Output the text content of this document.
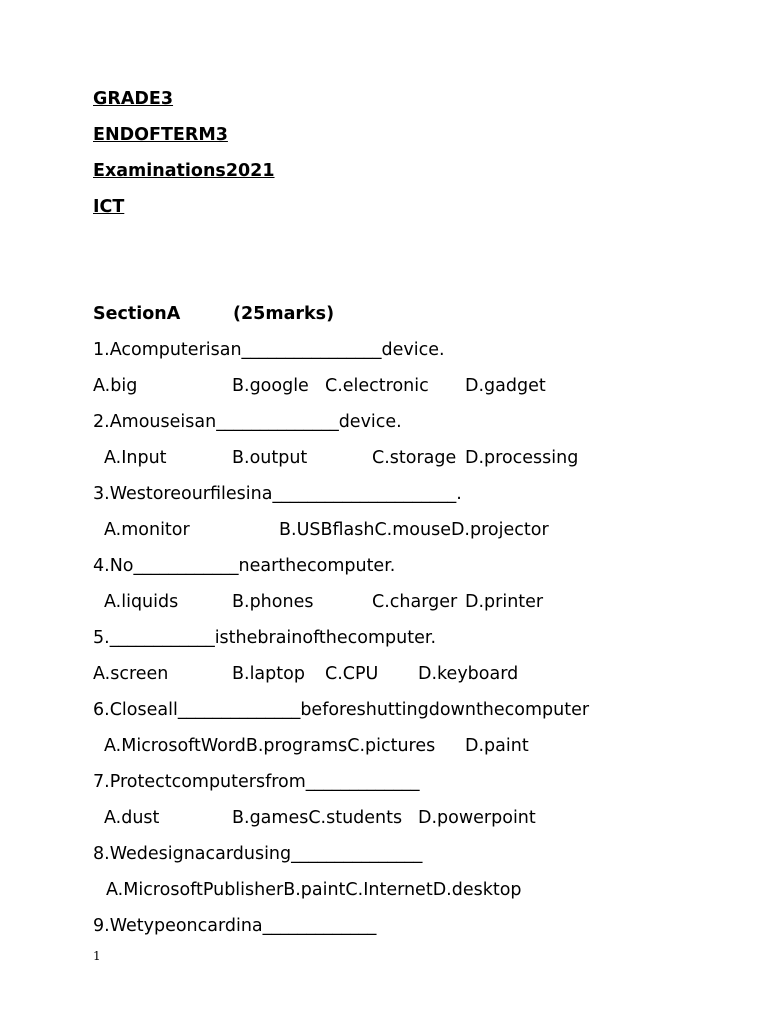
GRADE3
ENDOFTERM3
Examinations2021
ICT
SectionA	(25marks)
1.Acomputerisan________________device.
A.big	B.google C.electronic D.gadget
2.Amouseisan______________device.
A.Input	B.output	C.storage D.processing
3.Westoreourfilesina_____________________.
A.monitor	B.USBflashC.mouseD.projector
4.No____________nearthecomputer.
A.liquids	B.phones	C.charger D.printer
5.____________isthebrainofthecomputer.
A.screen	B.laptop C.CPU D.keyboard
6.Closeall______________beforeshuttingdownthecomputer
A.MicrosoftWordB.programsC.pictures D.paint
7.Protectcomputersfrom_____________
A.dust	B.gamesC.students D.powerpoint
8.Wedesignacardusing_______________
A.MicrosoftPublisherB.paintC.InternetD.desktop
9.Wetypeoncardina_____________
1
